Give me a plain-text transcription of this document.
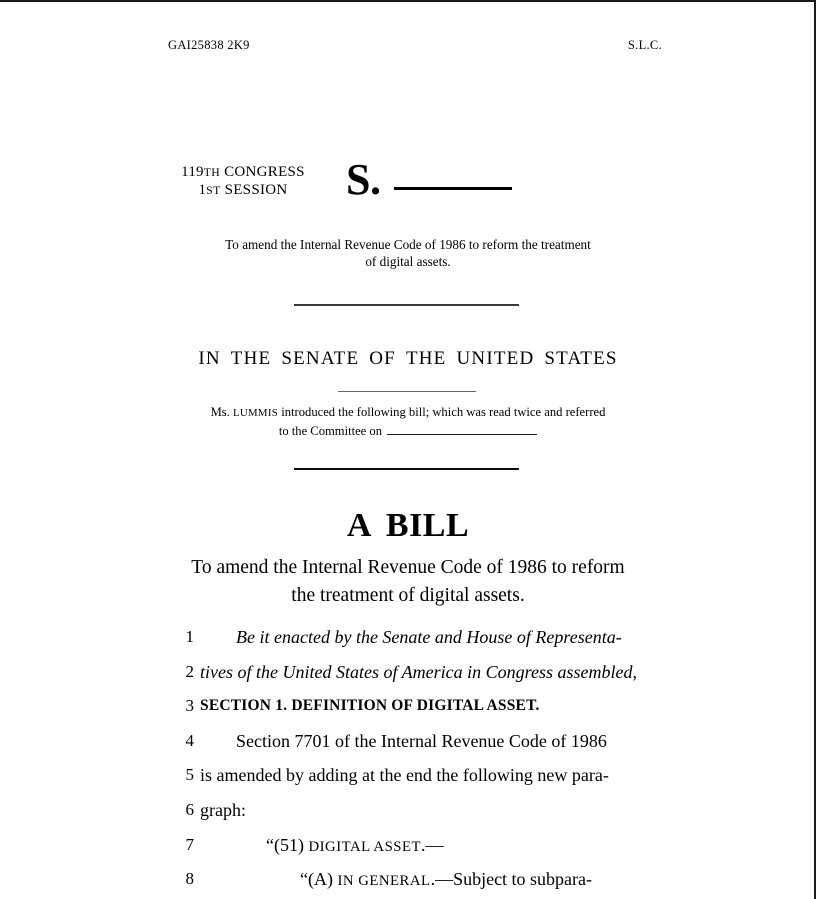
GAI25838 2K9	S.L.C.
119TH CONGRESS
1ST SESSION	S.
To amend the Internal Revenue Code of 1986 to reform the treatment
of digital assets.
IN THE SENATE OF THE UNITED STATES
Ms. LUMMIS introduced the following bill; which was read twice and referred
to the Committee on
A BILL
To amend the Internal Revenue Code of 1986 to reform
the treatment of digital assets.
1	Be it enacted by the Senate and House of Representa-
2 tives of the United States of America in Congress assembled,
3 SECTION 1. DEFINITION OF DIGITAL ASSET.
4	Section 7701 of the Internal Revenue Code of 1986
5 is amended by adding at the end the following new para-
6 graph:
7	“(51) DIGITAL ASSET.—
8	“(A) IN GENERAL.—Subject to subpara-
